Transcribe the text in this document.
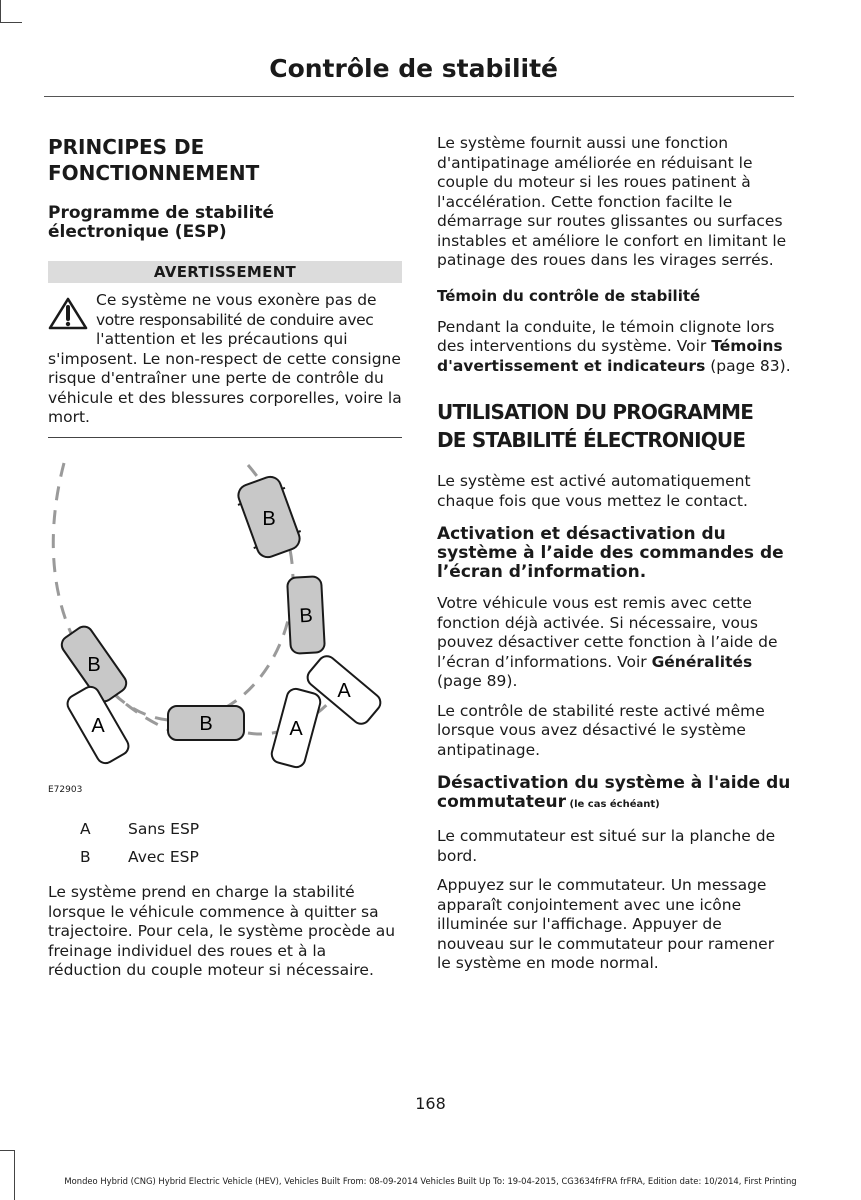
Contrôle de stabilité
PRINCIPES DE
FONCTIONNEMENT
Programme de stabilité
électronique (ESP)
AVERTISSEMENT
Ce système ne vous exonère pas de
votre responsabilité de conduire avec
l'attention et les précautions qui
s'imposent. Le non-respect de cette consigne risque d'entraîner une perte de contrôle du véhicule et des blessures corporelles, voire la mort.
B
B
B
A
B	A
A
E72903
A Sans ESP
B Avec ESP

Le système prend en charge la stabilité lorsque le véhicule commence à quitter sa trajectoire. Pour cela, le système procède au freinage individuel des roues et à la réduction du couple moteur si nécessaire.

Le système fournit aussi une fonction d'antipatinage améliorée en réduisant le couple du moteur si les roues patinent à l'accélération. Cette fonction facilte le démarrage sur routes glissantes ou surfaces instables et améliore le confort en limitant le patinage des roues dans les virages serrés.

Témoin du contrôle de stabilité

Pendant la conduite, le témoin clignote lors des interventions du système. Voir Témoins d'avertissement et indicateurs (page 83).

UTILISATION DU PROGRAMME
DE STABILITÉ ÉLECTRONIQUE

Le système est activé automatiquement chaque fois que vous mettez le contact.

Activation et désactivation du système à l’aide des commandes de l’écran d’information.

Votre véhicule vous est remis avec cette fonction déjà activée. Si nécessaire, vous pouvez désactiver cette fonction à l’aide de l’écran d’informations. Voir Généralités (page 89).

Le contrôle de stabilité reste activé même lorsque vous avez désactivé le système antipatinage.

Désactivation du système à l'aide du commutateur (le cas échéant)

Le commutateur est situé sur la planche de bord.

Appuyez sur le commutateur. Un message apparaît conjointement avec une icône illuminée sur l'affichage. Appuyer de nouveau sur le commutateur pour ramener le système en mode normal.

168
Mondeo Hybrid (CNG) Hybrid Electric Vehicle (HEV), Vehicles Built From: 08-09-2014 Vehicles Built Up To: 19-04-2015, CG3634frFRA frFRA, Edition date: 10/2014, First Printing
